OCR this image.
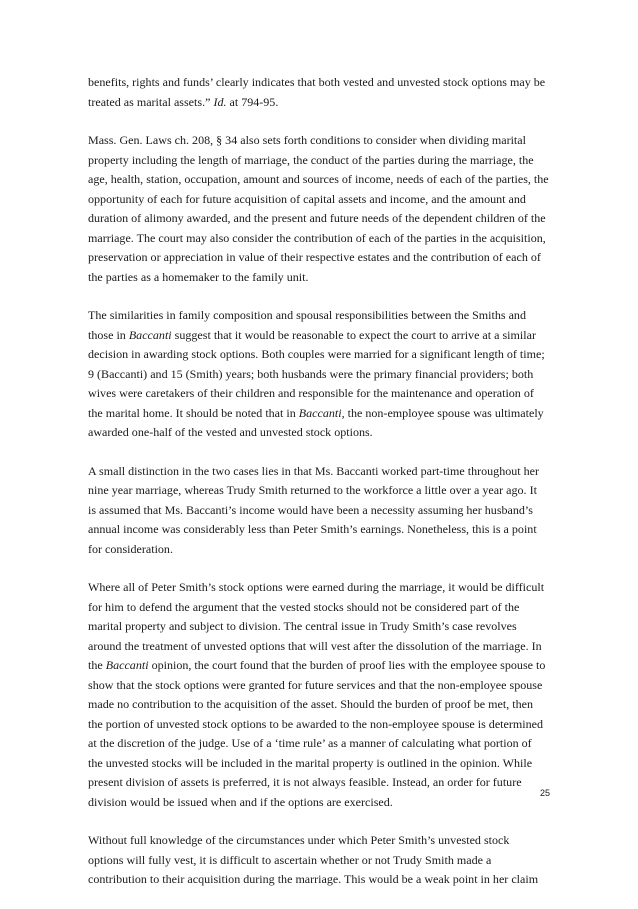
benefits, rights and funds’ clearly indicates that both vested and unvested stock options may be
treated as marital assets.” Id. at 794-95.

Mass. Gen. Laws ch. 208, § 34 also sets forth conditions to consider when dividing marital
property including the length of marriage, the conduct of the parties during the marriage, the
age, health, station, occupation, amount and sources of income, needs of each of the parties, the
opportunity of each for future acquisition of capital assets and income, and the amount and
duration of alimony awarded, and the present and future needs of the dependent children of the
marriage. The court may also consider the contribution of each of the parties in the acquisition,
preservation or appreciation in value of their respective estates and the contribution of each of
the parties as a homemaker to the family unit.

The similarities in family composition and spousal responsibilities between the Smiths and
those in Baccanti suggest that it would be reasonable to expect the court to arrive at a similar
decision in awarding stock options. Both couples were married for a significant length of time;
9 (Baccanti) and 15 (Smith) years; both husbands were the primary financial providers; both
wives were caretakers of their children and responsible for the maintenance and operation of
the marital home. It should be noted that in Baccanti, the non-employee spouse was ultimately
awarded one-half of the vested and unvested stock options.

A small distinction in the two cases lies in that Ms. Baccanti worked part-time throughout her
nine year marriage, whereas Trudy Smith returned to the workforce a little over a year ago. It
is assumed that Ms. Baccanti’s income would have been a necessity assuming her husband’s
annual income was considerably less than Peter Smith’s earnings. Nonetheless, this is a point
for consideration.

Where all of Peter Smith’s stock options were earned during the marriage, it would be difficult
for him to defend the argument that the vested stocks should not be considered part of the
marital property and subject to division. The central issue in Trudy Smith’s case revolves
around the treatment of unvested options that will vest after the dissolution of the marriage. In
the Baccanti opinion, the court found that the burden of proof lies with the employee spouse to
show that the stock options were granted for future services and that the non-employee spouse
made no contribution to the acquisition of the asset. Should the burden of proof be met, then
the portion of unvested stock options to be awarded to the non-employee spouse is determined
at the discretion of the judge. Use of a ‘time rule’ as a manner of calculating what portion of
the unvested stocks will be included in the marital property is outlined in the opinion. While
present division of assets is preferred, it is not always feasible. Instead, an order for future
division would be issued when and if the options are exercised.

Without full knowledge of the circumstances under which Peter Smith’s unvested stock
options will fully vest, it is difficult to ascertain whether or not Trudy Smith made a
contribution to their acquisition during the marriage. This would be a weak point in her claim

25
